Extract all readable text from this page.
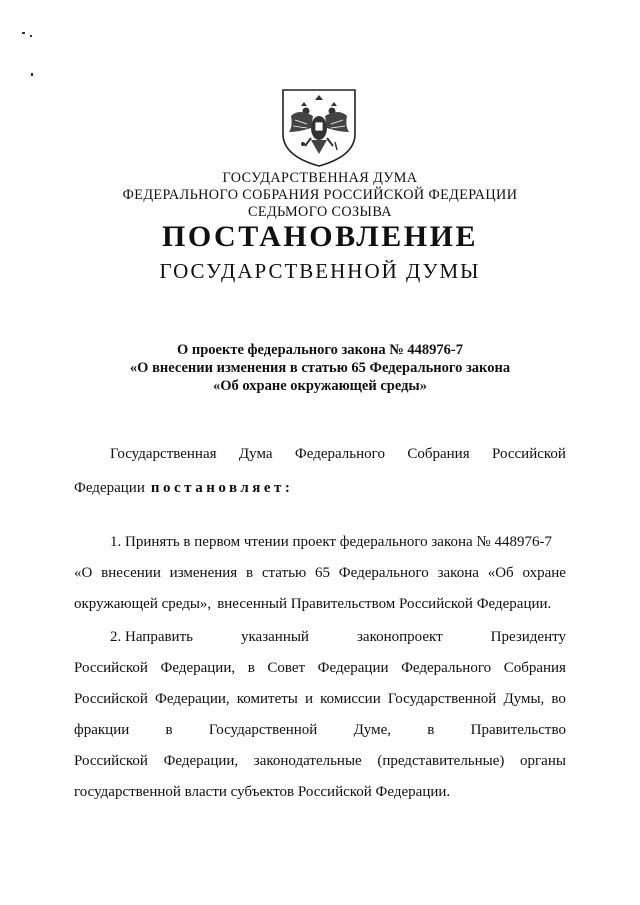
ГОСУДАРСТВЕННАЯ ДУМА
ФЕДЕРАЛЬНОГО СОБРАНИЯ РОССИЙСКОЙ ФЕДЕРАЦИИ
СЕДЬМОГО СОЗЫВА
ПОСТАНОВЛЕНИЕ
ГОСУДАРСТВЕННОЙ ДУМЫ
О проекте федерального закона № 448976-7
«О внесении изменения в статью 65 Федерального закона
«Об охране окружающей среды»
Государственная Дума Федерального Собрания Российской
Федерации постановляет:
1. Принять в первом чтении проект федерального закона № 448976-7
«О внесении изменения в статью 65 Федерального закона «Об охране
окружающей среды», внесенный Правительством Российской Федерации.
2. Направить	указанный	законопроект	Президенту
Российской Федерации, в Совет Федерации Федерального Собрания
Российской Федерации, комитеты и комиссии Государственной Думы, во
фракции в Государственной Думе, в Правительство
Российской Федерации, законодательные (представительные) органы
государственной власти субъектов Российской Федерации.
